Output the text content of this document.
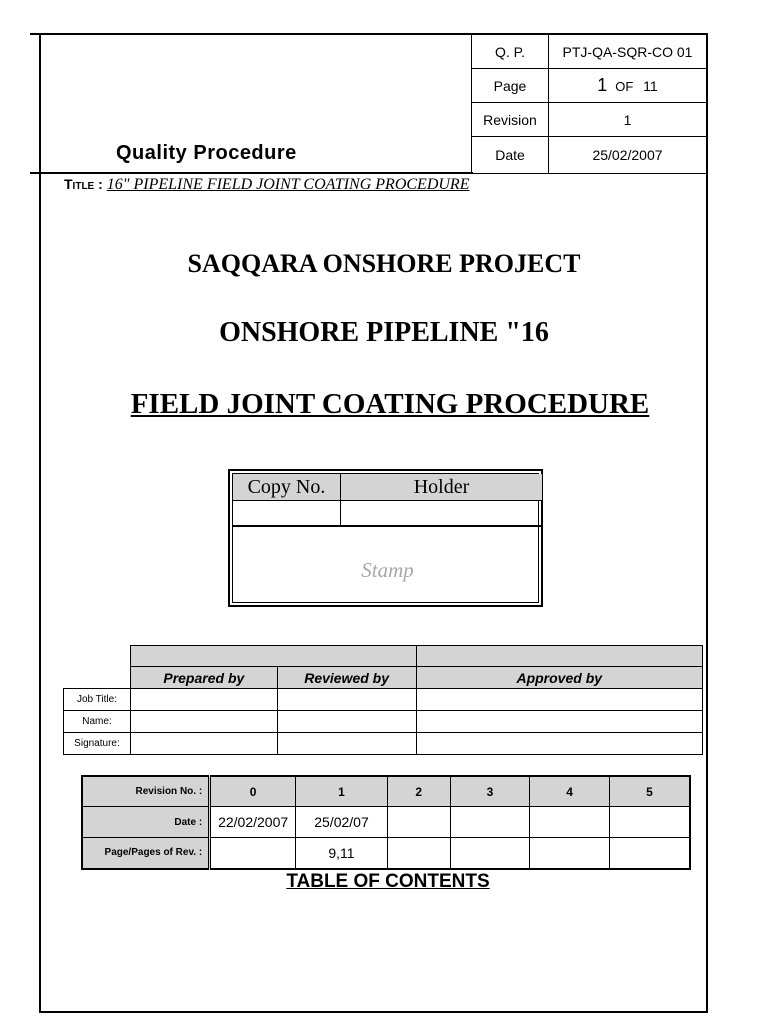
Quality Procedure
Q. P.	PTJ-QA-SQR-CO 01
Page	1 OF 11
Revision	1
Date	25/02/2007
Title : 16" PIPELINE FIELD JOINT COATING PROCEDURE
SAQQARA ONSHORE PROJECT
ONSHORE PIPELINE "16
FIELD JOINT COATING PROCEDURE
Copy No.	Holder
Stamp

	Prepared by	Reviewed by	Approved by
Job Title:			
Name:			
Signature:			
Revision No. :	0	1	2	3	4	5
Date :	22/02/2007	25/02/07				
Page/Pages of Rev. :		9,11				
TABLE OF CONTENTS
